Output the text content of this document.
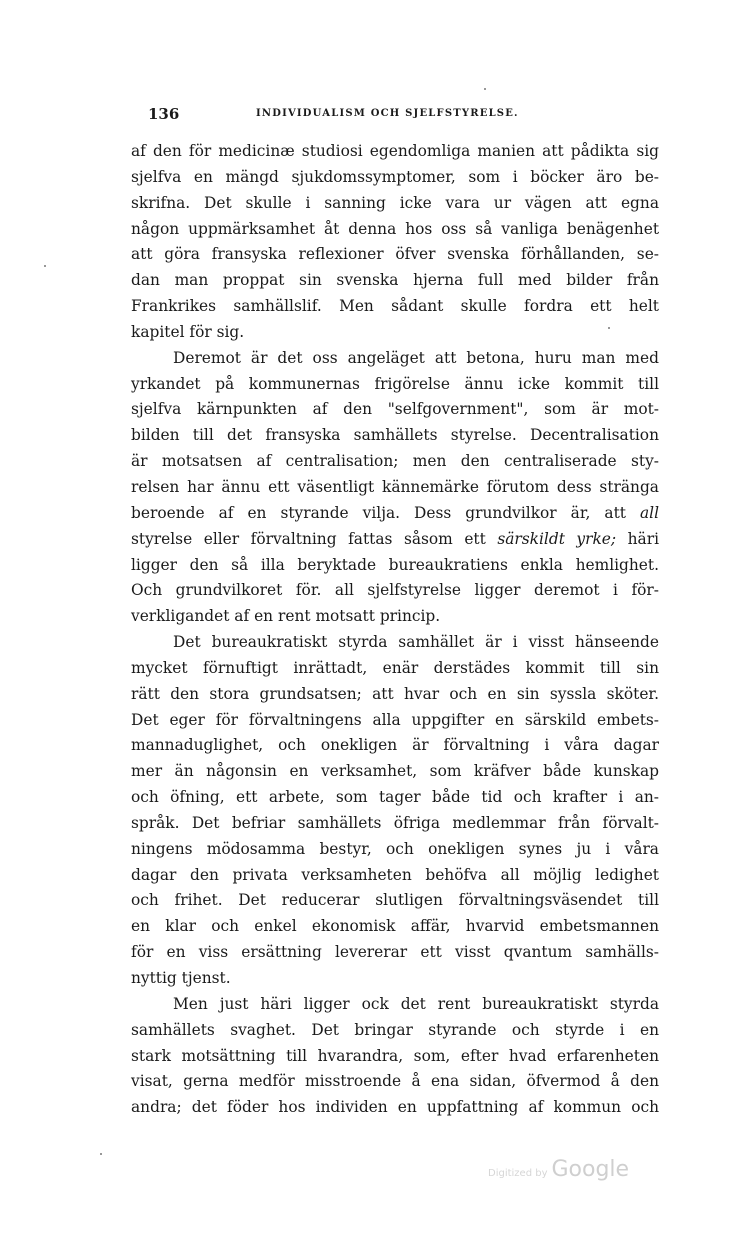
136	INDIVIDUALISM OCH SJELFSTYRELSE.
af den för medicinæ studiosi egendomliga manien att pådikta sig
sjelfva en mängd sjukdomssymptomer, som i böcker äro be-
skrifna. Det skulle i sanning icke vara ur vägen att egna
någon uppmärksamhet åt denna hos oss så vanliga benägenhet
att göra fransyska reflexioner öfver svenska förhållanden, se-
dan man proppat sin svenska hjerna full med bilder från
Frankrikes samhällslif. Men sådant skulle fordra ett helt
kapitel för sig.
Deremot är det oss angeläget att betona, huru man med
yrkandet på kommunernas frigörelse ännu icke kommit till
sjelfva kärnpunkten af den "selfgovernment", som är mot-
bilden till det fransyska samhällets styrelse. Decentralisation
är motsatsen af centralisation; men den centraliserade sty-
relsen har ännu ett väsentligt kännemärke förutom dess stränga
beroende af en styrande vilja. Dess grundvilkor är, att all
styrelse eller förvaltning fattas såsom ett särskildt yrke; häri
ligger den så illa beryktade bureaukratiens enkla hemlighet.
Och grundvilkoret för. all sjelfstyrelse ligger deremot i för-
verkligandet af en rent motsatt princip.
Det bureaukratiskt styrda samhället är i visst hänseende
mycket förnuftigt inrättadt, enär derstädes kommit till sin
rätt den stora grundsatsen; att hvar och en sin syssla sköter.
Det eger för förvaltningens alla uppgifter en särskild embets-
mannaduglighet, och onekligen är förvaltning i våra dagar
mer än någonsin en verksamhet, som kräfver både kunskap
och öfning, ett arbete, som tager både tid och krafter i an-
språk. Det befriar samhällets öfriga medlemmar från förvalt-
ningens mödosamma bestyr, och onekligen synes ju i våra
dagar den privata verksamheten behöfva all möjlig ledighet
och frihet. Det reducerar slutligen förvaltningsväsendet till
en klar och enkel ekonomisk affär, hvarvid embetsmannen
för en viss ersättning levererar ett visst qvantum samhälls-
nyttig tjenst.
Men just häri ligger ock det rent bureaukratiskt styrda
samhällets svaghet. Det bringar styrande och styrde i en
stark motsättning till hvarandra, som, efter hvad erfarenheten
visat, gerna medför misstroende å ena sidan, öfvermod å den
andra; det föder hos individen en uppfattning af kommun och
Digitized by Google
